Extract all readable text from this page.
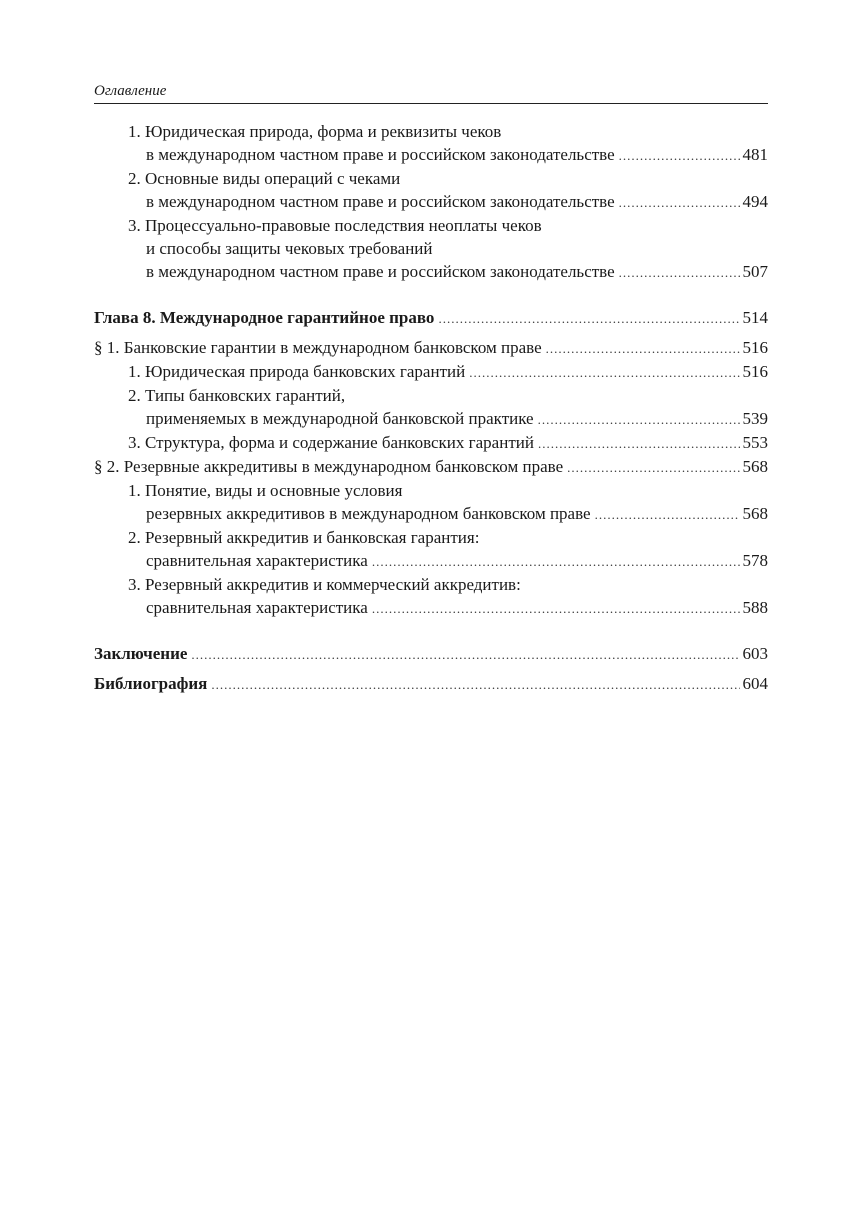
Оглавление
1. Юридическая природа, форма и реквизиты чеков
в международном частном праве и российском законодательстве .....	481
2. Основные виды операций с чеками
в международном частном праве и российском законодательстве .....	494
3. Процессуально-правовые последствия неоплаты чеков
и способы защиты чековых требований
в международном частном праве и российском законодательстве .....	507
Глава 8. Международное гарантийное право .....	514
§ 1. Банковские гарантии в международном банковском праве .....	516
1. Юридическая природа банковских гарантий .....	516
2. Типы банковских гарантий,
применяемых в международной банковской практике .....	539
3. Структура, форма и содержание банковских гарантий .....	553
§ 2. Резервные аккредитивы в международном банковском праве .....	568
1. Понятие, виды и основные условия
резервных аккредитивов в международном банковском праве .....	568
2. Резервный аккредитив и банковская гарантия:
сравнительная характеристика .....	578
3. Резервный аккредитив и коммерческий аккредитив:
сравнительная характеристика .....	588
Заключение .....	603
Библиография .....	604
